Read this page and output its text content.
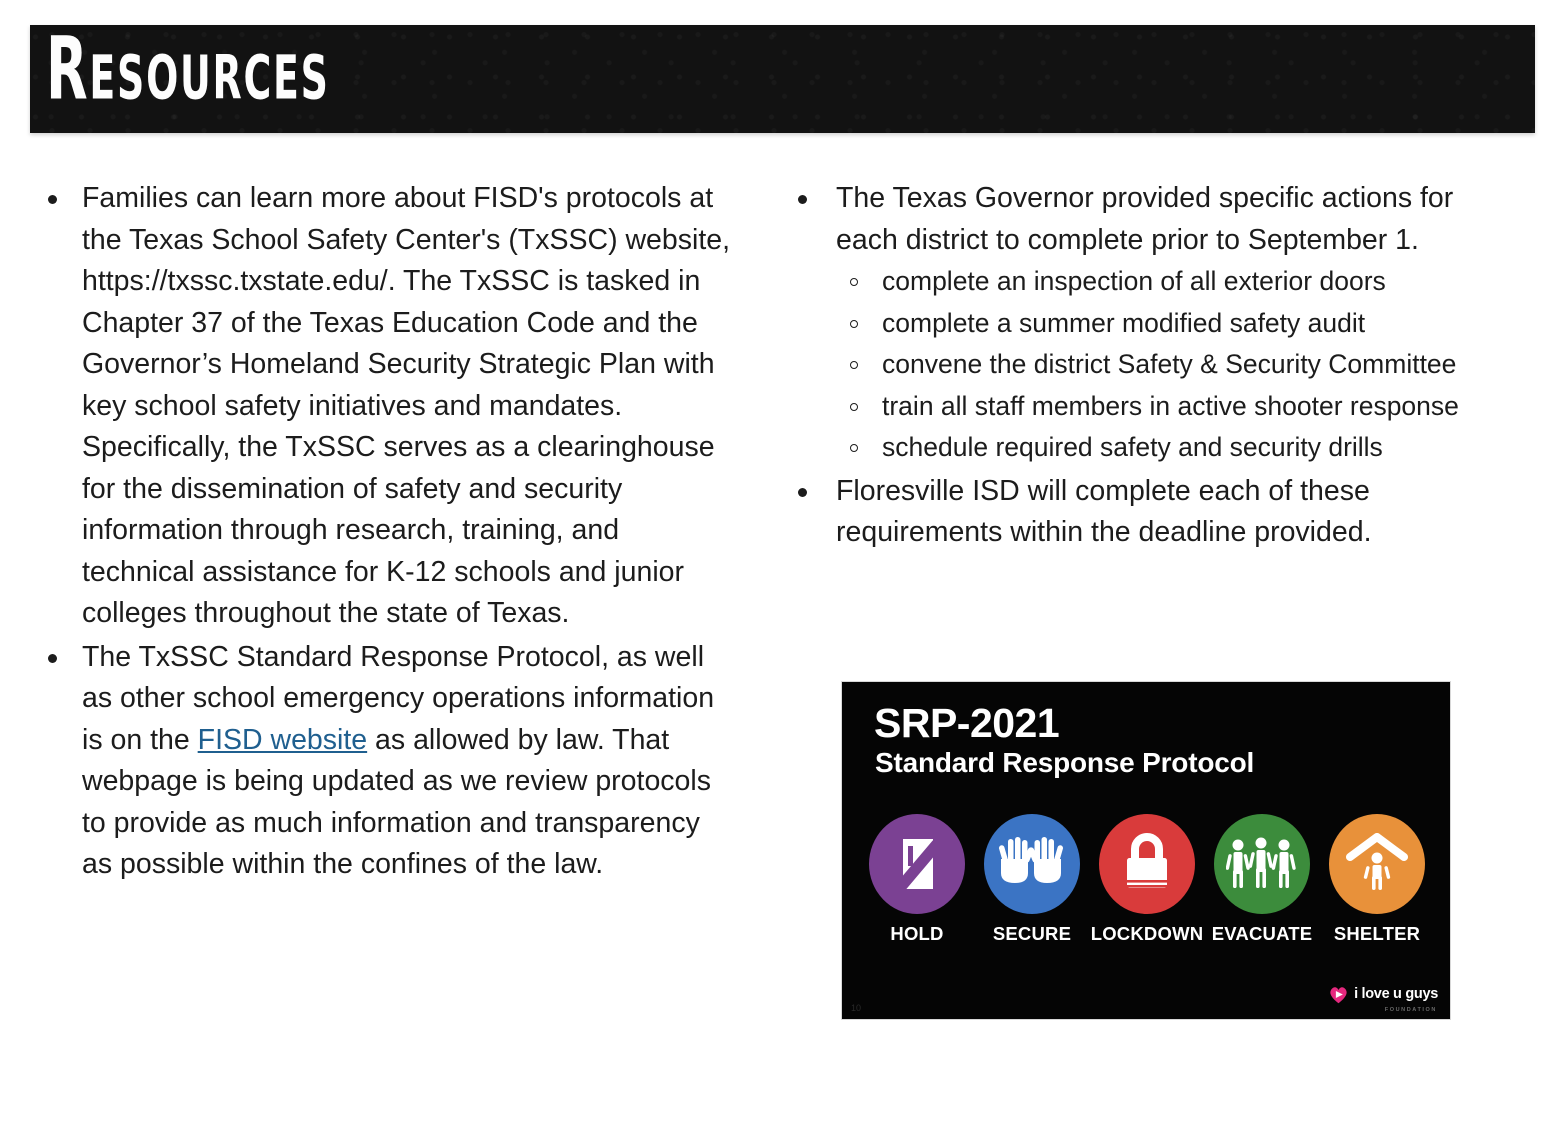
Resources
Families can learn more about FISD's protocols at the Texas School Safety Center's (TxSSC) website, https://txssc.txstate.edu/. The TxSSC is tasked in Chapter 37 of the Texas Education Code and the Governor’s Homeland Security Strategic Plan with key school safety initiatives and mandates. Specifically, the TxSSC serves as a clearinghouse for the dissemination of safety and security information through research, training, and technical assistance for K-12 schools and junior colleges throughout the state of Texas.
The TxSSC Standard Response Protocol, as well as other school emergency operations information is on the FISD website as allowed by law. That webpage is being updated as we review protocols to provide as much information and transparency as possible within the confines of the law.
The Texas Governor provided specific actions for each district to complete prior to September 1.
complete an inspection of all exterior doors
complete a summer modified safety audit
convene the district Safety & Security Committee
train all staff members in active shooter response
schedule required safety and security drills
Floresville ISD will complete each of these requirements within the deadline provided.
SRP-2021
Standard Response Protocol
HOLD	SECURE LOCKDOWN EVACUATE SHELTER
i love u guys
FOUNDATION
10
